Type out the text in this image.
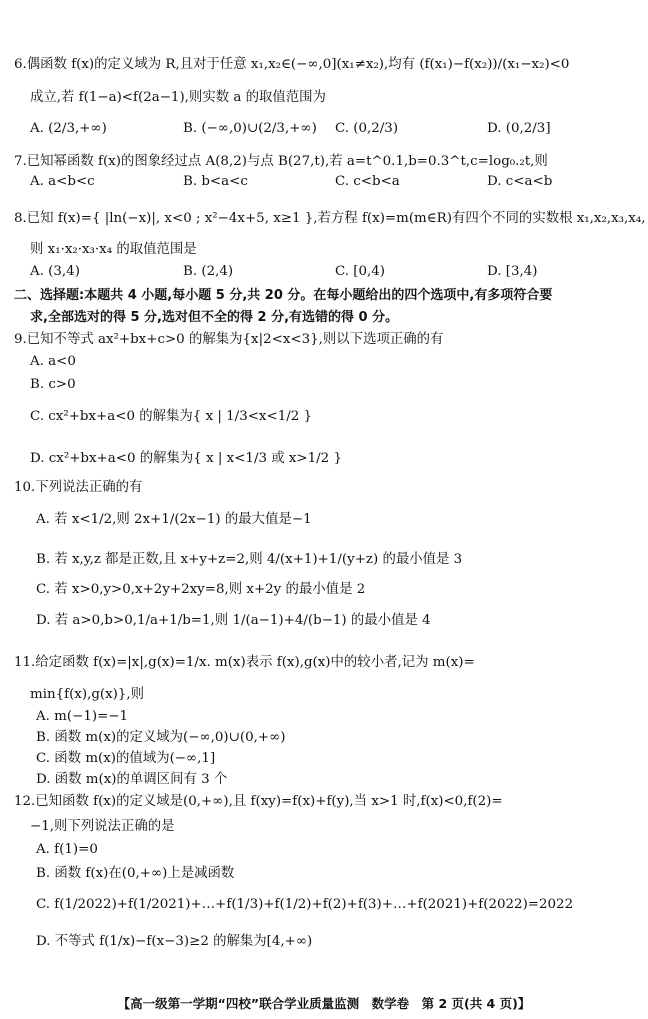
6.偶函数 f(x)的定义域为 R,且对于任意 x₁,x₂∈(−∞,0](x₁≠x₂),均有 (f(x₁)−f(x₂))/(x₁−x₂)<0
成立,若 f(1−a)<f(2a−1),则实数 a 的取值范围为
7.已知幂函数 f(x)的图象经过点 A(8,2)与点 B(27,t),若 a=t^0.1,b=0.3^t,c=log₀.₂t,则
8.已知 f(x)={ |ln(−x)|, x<0 ; x²−4x+5, x≥1 },若方程 f(x)=m(m∈R)有四个不同的实数根 x₁,x₂,x₃,x₄,
则 x₁·x₂·x₃·x₄ 的取值范围是
二、选择题:本题共 4 小题,每小题 5 分,共 20 分。在每小题给出的四个选项中,有多项符合要
求,全部选对的得 5 分,选对但不全的得 2 分,有选错的得 0 分。
9.已知不等式 ax²+bx+c>0 的解集为{x|2<x<3},则以下选项正确的有
A. a<0
B. c>0
C. cx²+bx+a<0 的解集为{ x | 1/3<x<1/2 }
D. cx²+bx+a<0 的解集为{ x | x<1/3 或 x>1/2 }
10.下列说法正确的有
A. 若 x<1/2,则 2x+1/(2x−1) 的最大值是−1
B. 若 x,y,z 都是正数,且 x+y+z=2,则 4/(x+1)+1/(y+z) 的最小值是 3
C. 若 x>0,y>0,x+2y+2xy=8,则 x+2y 的最小值是 2
D. 若 a>0,b>0,1/a+1/b=1,则 1/(a−1)+4/(b−1) 的最小值是 4
11.给定函数 f(x)=|x|,g(x)=1/x. m(x)表示 f(x),g(x)中的较小者,记为 m(x)=
min{f(x),g(x)},则
A. m(−1)=−1
B. 函数 m(x)的定义域为(−∞,0)∪(0,+∞)
C. 函数 m(x)的值域为(−∞,1]
D. 函数 m(x)的单调区间有 3 个
12.已知函数 f(x)的定义域是(0,+∞),且 f(xy)=f(x)+f(y),当 x>1 时,f(x)<0,f(2)=
−1,则下列说法正确的是
A. f(1)=0
B. 函数 f(x)在(0,+∞)上是减函数
C. f(1/2022)+f(1/2021)+…+f(1/3)+f(1/2)+f(2)+f(3)+…+f(2021)+f(2022)=2022
D. 不等式 f(1/x)−f(x−3)≥2 的解集为[4,+∞)
A. (2/3,+∞)	B. (−∞,0)∪(2/3,+∞) C. (0,2/3)	D. (0,2/3]
A. a<b<c	B. b<a<c	C. c<b<a	D. c<a<b
A. (3,4)	B. (2,4)	C. [0,4)	D. [3,4)
【高一级第一学期“四校”联合学业质量监测　数学卷　第 2 页(共 4 页)】
